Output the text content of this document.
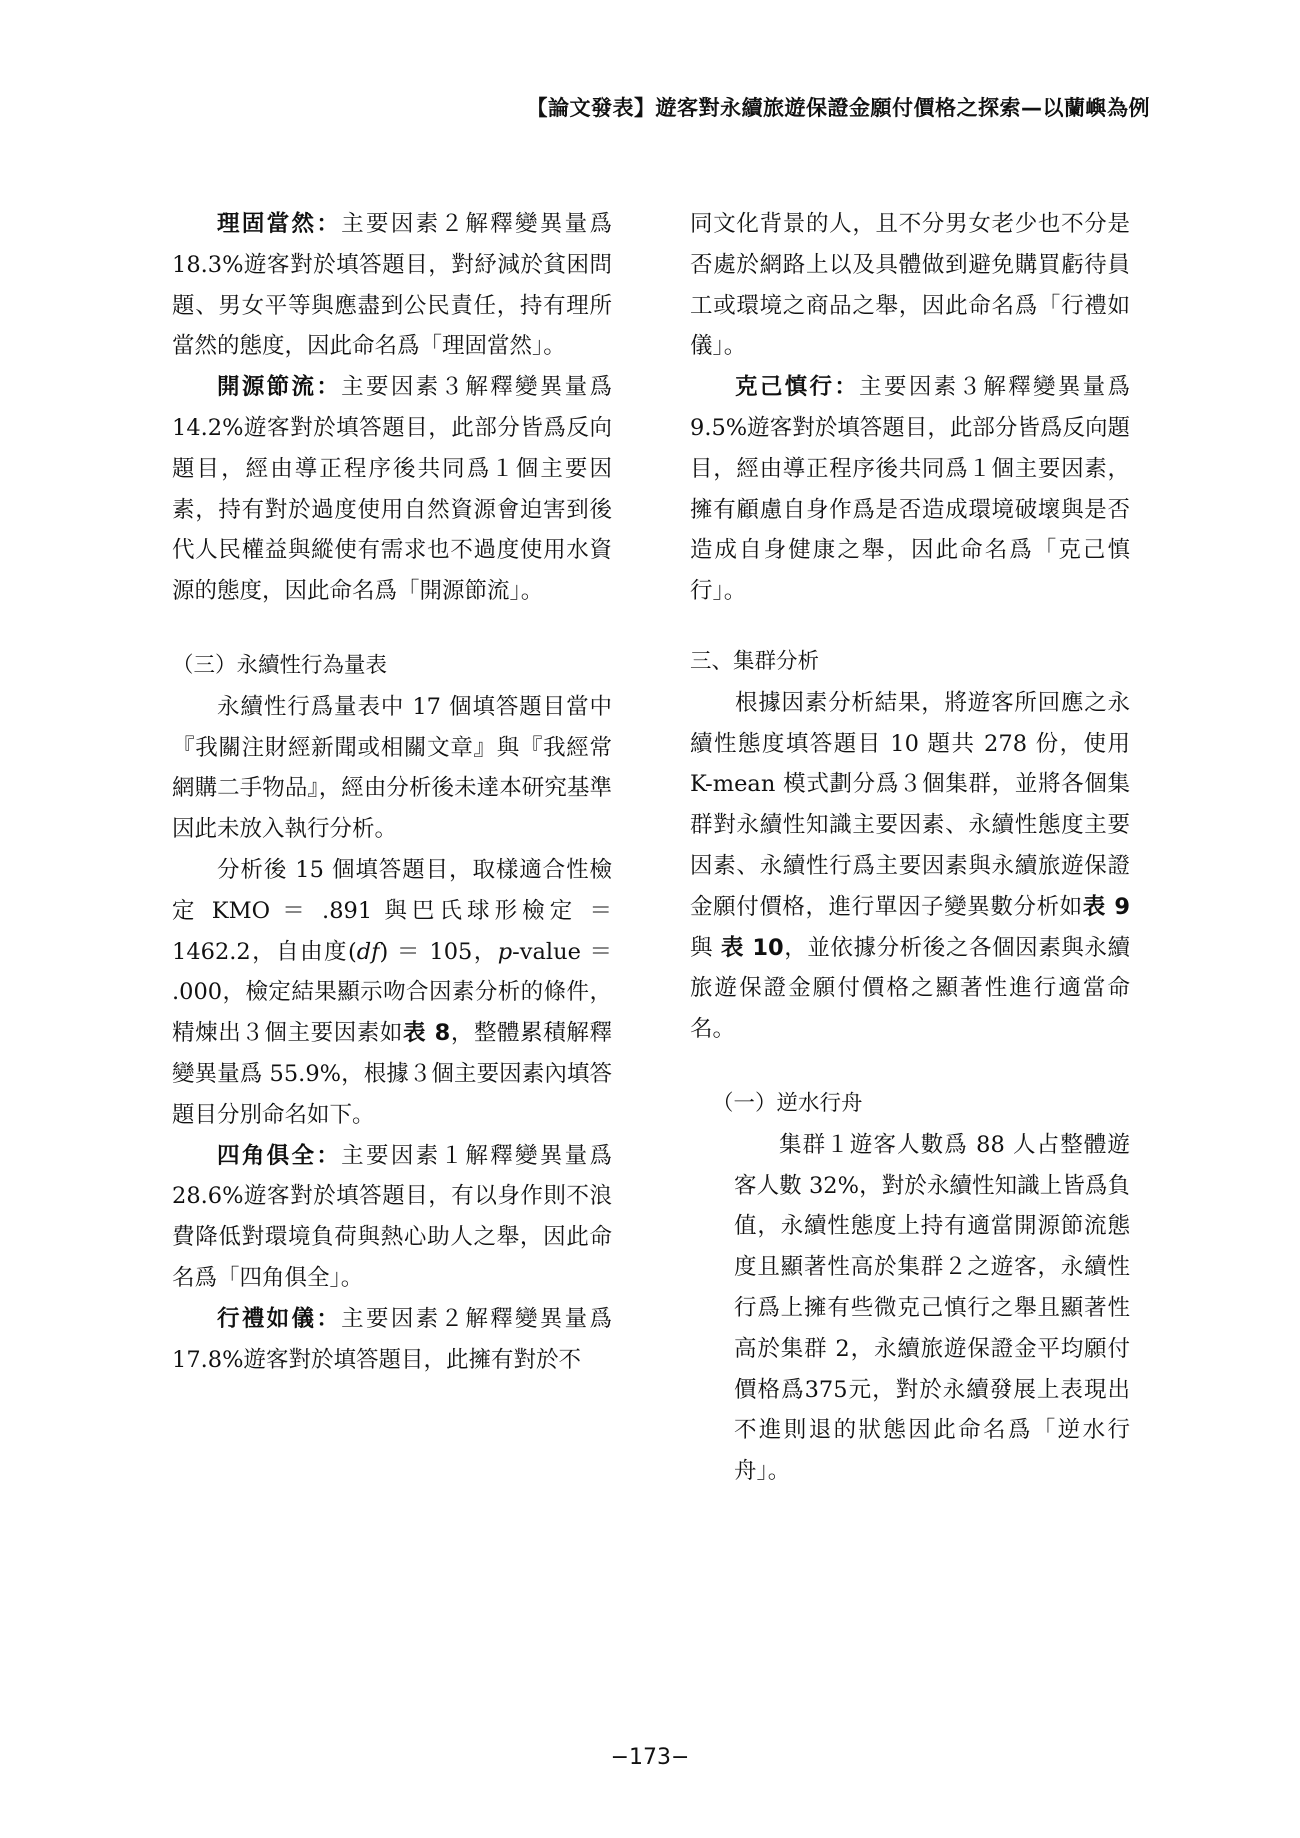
【論文發表】遊客對永續旅遊保證金願付價格之探索—以蘭嶼為例

理固當然：主要因素２解釋變異量爲18.3%遊客對於填答題目，對紓減於貧困問題、男女平等與應盡到公民責任，持有理所當然的態度，因此命名爲「理固當然」。

開源節流：主要因素３解釋變異量爲14.2%遊客對於填答題目，此部分皆爲反向題目，經由導正程序後共同爲１個主要因素，持有對於過度使用自然資源會迫害到後代人民權益與縱使有需求也不過度使用水資源的態度，因此命名爲「開源節流」。

（三）永續性行為量表

永續性行爲量表中 17 個填答題目當中『我關注財經新聞或相關文章』與『我經常網購二手物品』，經由分析後未達本研究基準因此未放入執行分析。

分析後 15 個填答題目，取樣適合性檢定 KMO ＝ .891 與巴氏球形檢定 ＝ 1462.2，自由度(df) ＝ 105，p-value ＝ .000，檢定結果顯示吻合因素分析的條件，精煉出３個主要因素如表 8，整體累積解釋變異量爲 55.9%，根據３個主要因素內填答題目分別命名如下。

四角俱全：主要因素１解釋變異量爲28.6%遊客對於填答題目，有以身作則不浪費降低對環境負荷與熱心助人之舉，因此命名爲「四角俱全」。

行禮如儀：主要因素２解釋變異量爲17.8%遊客對於填答題目，此擁有對於不

同文化背景的人，且不分男女老少也不分是否處於網路上以及具體做到避免購買虧待員工或環境之商品之舉，因此命名爲「行禮如儀」。

克己慎行：主要因素３解釋變異量爲9.5%遊客對於填答題目，此部分皆爲反向題目，經由導正程序後共同爲１個主要因素，擁有顧慮自身作爲是否造成環境破壞與是否造成自身健康之舉，因此命名爲「克己慎行」。

三、集群分析

根據因素分析結果，將遊客所回應之永續性態度填答題目 10 題共 278 份，使用 K-mean 模式劃分爲３個集群，並將各個集群對永續性知識主要因素、永續性態度主要因素、永續性行爲主要因素與永續旅遊保證金願付價格，進行單因子變異數分析如表 9 與 表 10，並依據分析後之各個因素與永續旅遊保證金願付價格之顯著性進行適當命名。

（一）逆水行舟

集群１遊客人數爲 88 人占整體遊客人數 32%，對於永續性知識上皆爲負值，永續性態度上持有適當開源節流態度且顯著性高於集群２之遊客，永續性行爲上擁有些微克己慎行之舉且顯著性高於集群 2，永續旅遊保證金平均願付價格爲375元，對於永續發展上表現出不進則退的狀態因此命名爲「逆水行舟」。

−173−
